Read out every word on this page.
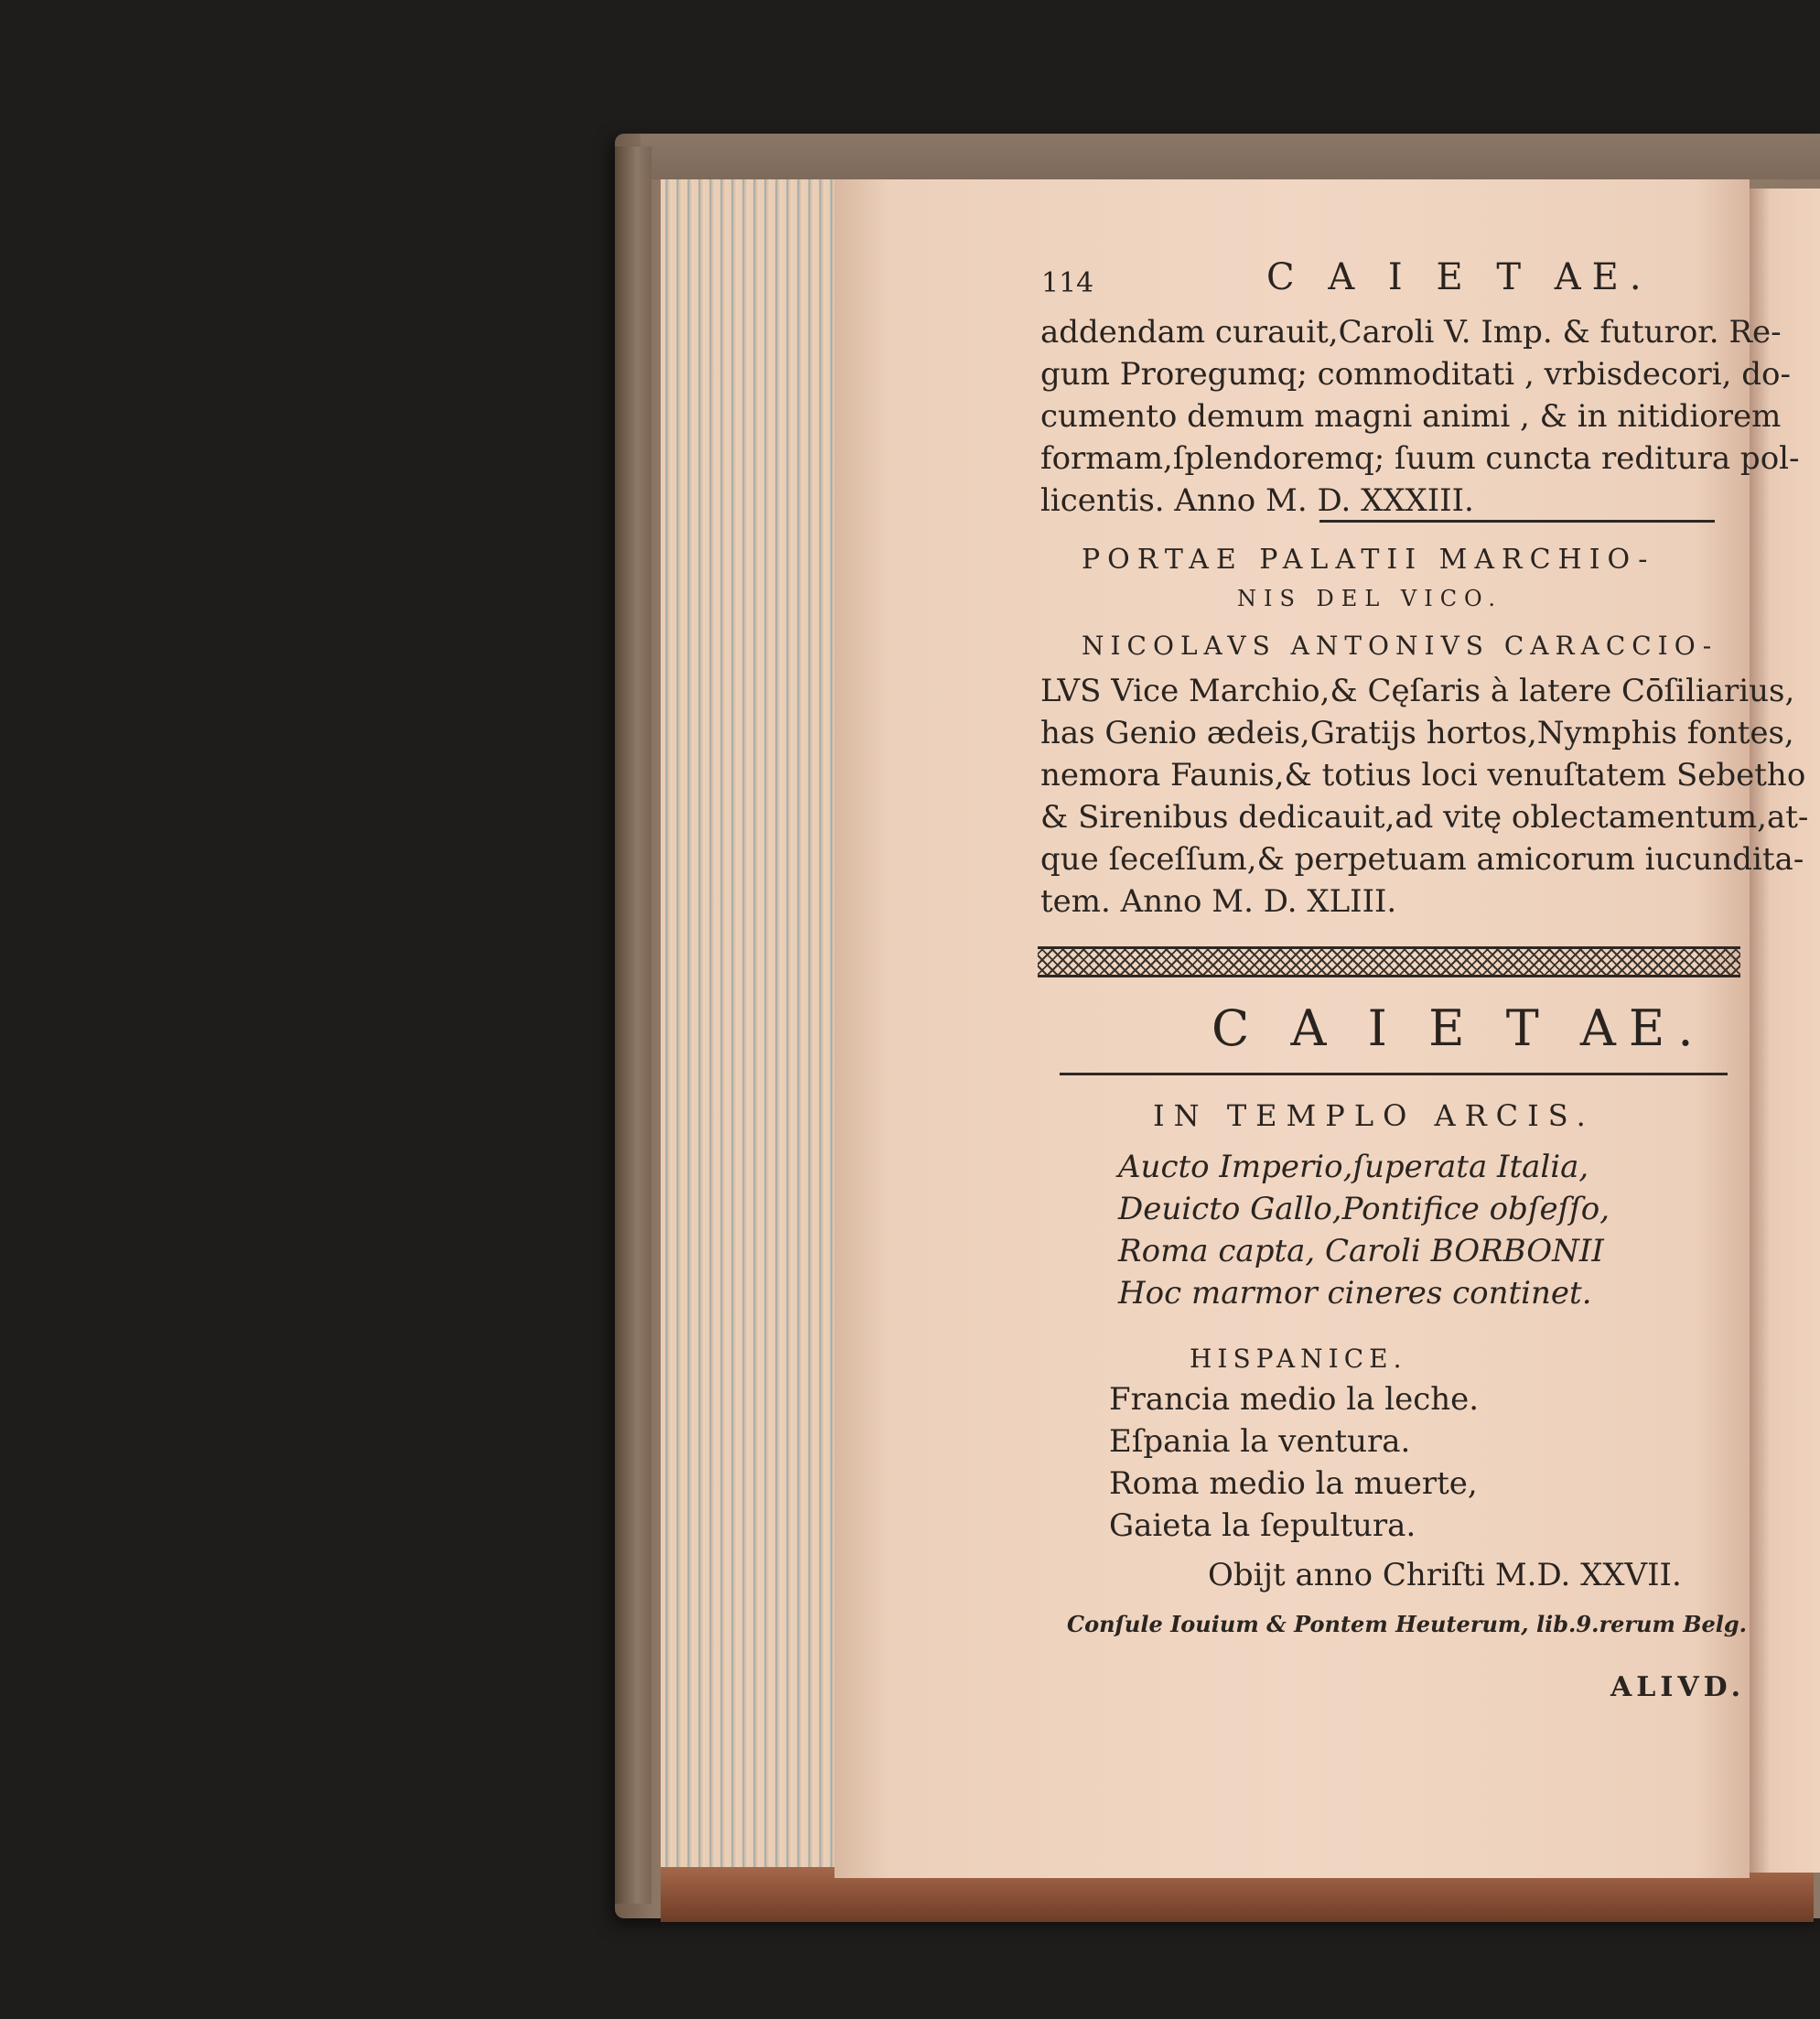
114	C A I E T AE.
addendam curauit,Caroli V. Imp. & futuror. Re-
gum Proregumq; commoditati , vrbisdecori, do-
cumento demum magni animi , & in nitidiorem
formam,ſplendoremq; ſuum cuncta reditura pol-
licentis. Anno M. D. XXXIII.
PORTAE PALATII MARCHIO-
NIS DEL VICO.
NICOLAVS ANTONIVS CARACCIO-
LVS Vice Marchio,& Cęſaris à latere Cōſiliarius,
has Genio ædeis,Gratijs hortos,Nymphis fontes,
nemora Faunis,& totius loci venuſtatem Sebetho
& Sirenibus dedicauit,ad vitę oblectamentum,at-
que ſeceſſum,& perpetuam amicorum iucundita-
tem. Anno M. D. XLIII.
C A I E T AE.
IN TEMPLO ARCIS.
Aucto Imperio,ſuperata Italia,
Deuicto Gallo,Pontifice obſeſſo,
Roma capta, Caroli BORBONII
Hoc marmor cineres continet.
HISPANICE.
Francia medio la leche.
Eſpania la ventura.
Roma medio la muerte,
Gaieta la ſepultura.
Obijt anno Chriſti M.D. XXVII.
Conſule Iouium & Pontem Heuterum, lib.9.rerum Belg.
ALIVD.
